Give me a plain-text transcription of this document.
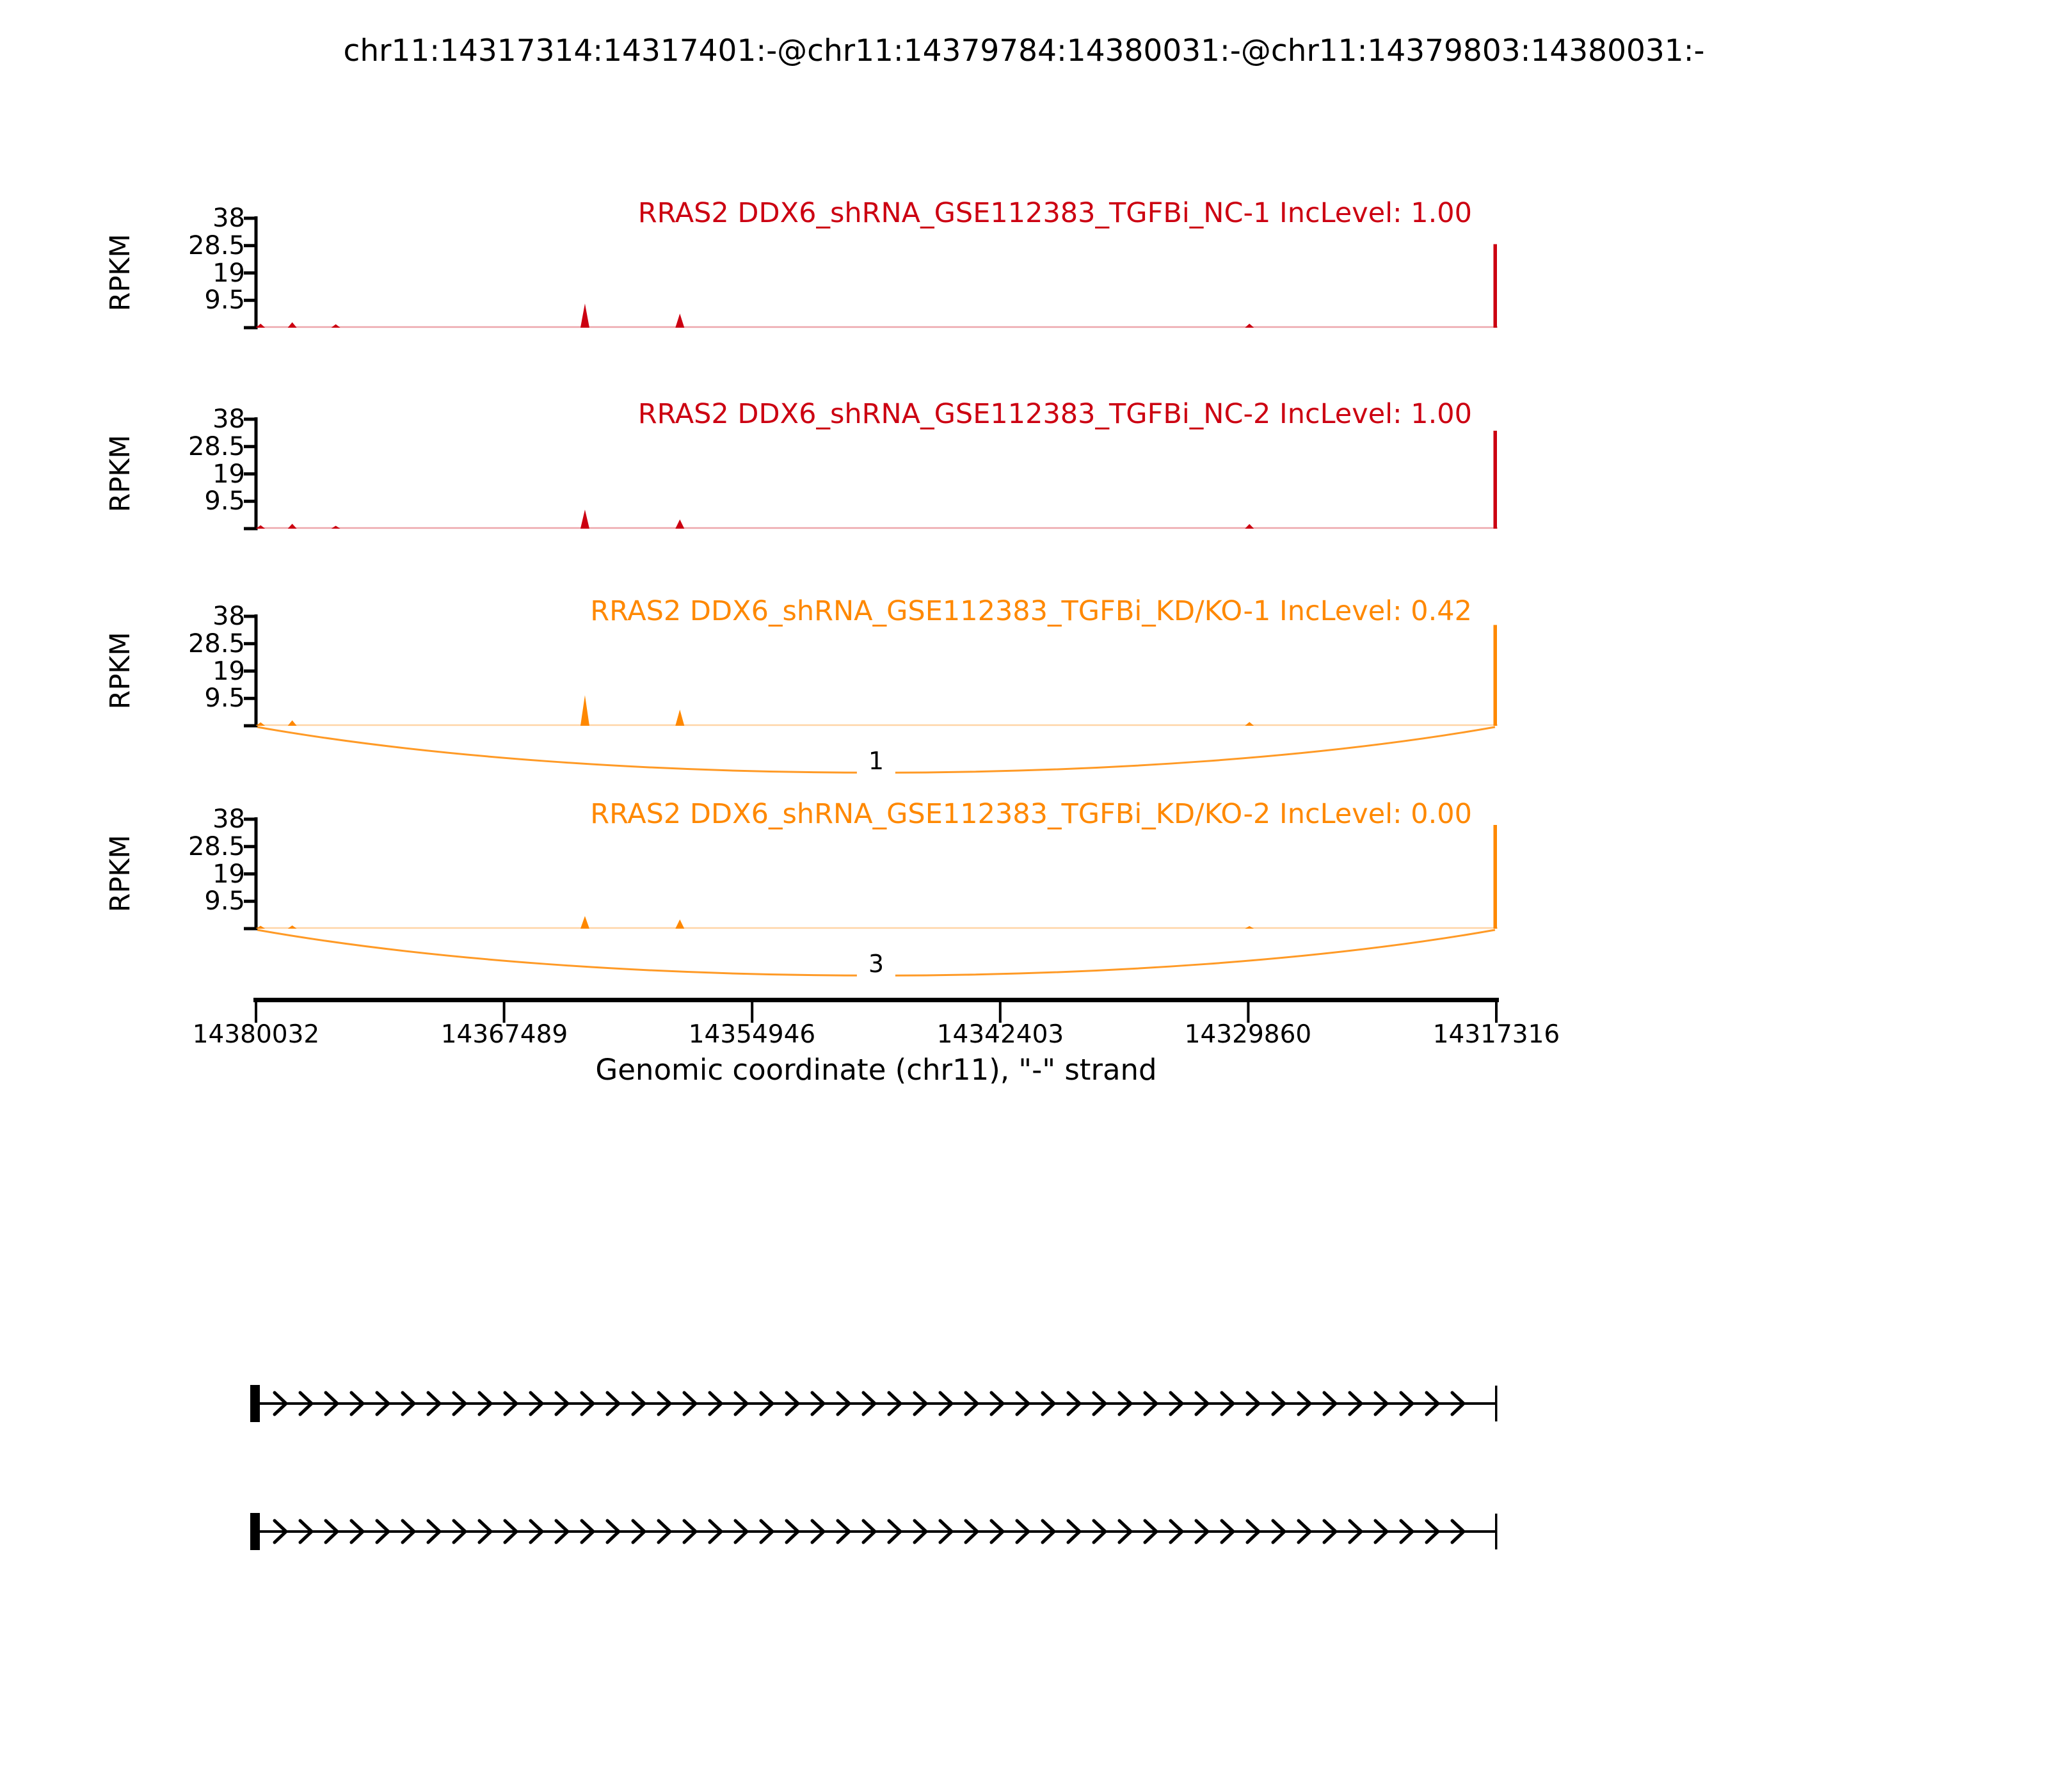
chr11:14317314:14317401:-@chr11:14379784:14380031:-@chr11:14379803:14380031:-
RRAS2 DDX6_shRNA_GSE112383_TGFBi_NC-1 IncLevel: 1.00
RPKM
38
28.5
19
9.5
RRAS2 DDX6_shRNA_GSE112383_TGFBi_NC-2 IncLevel: 1.00
RPKM
38
28.5
19
9.5
RRAS2 DDX6_shRNA_GSE112383_TGFBi_KD/KO-1 IncLevel: 0.42
RPKM
38
28.5
19
9.5
1
RRAS2 DDX6_shRNA_GSE112383_TGFBi_KD/KO-2 IncLevel: 0.00
RPKM
38
28.5
19
9.5
3
14380032	14367489	14354946	14342403	14329860	14317316
Genomic coordinate (chr11), "-" strand
